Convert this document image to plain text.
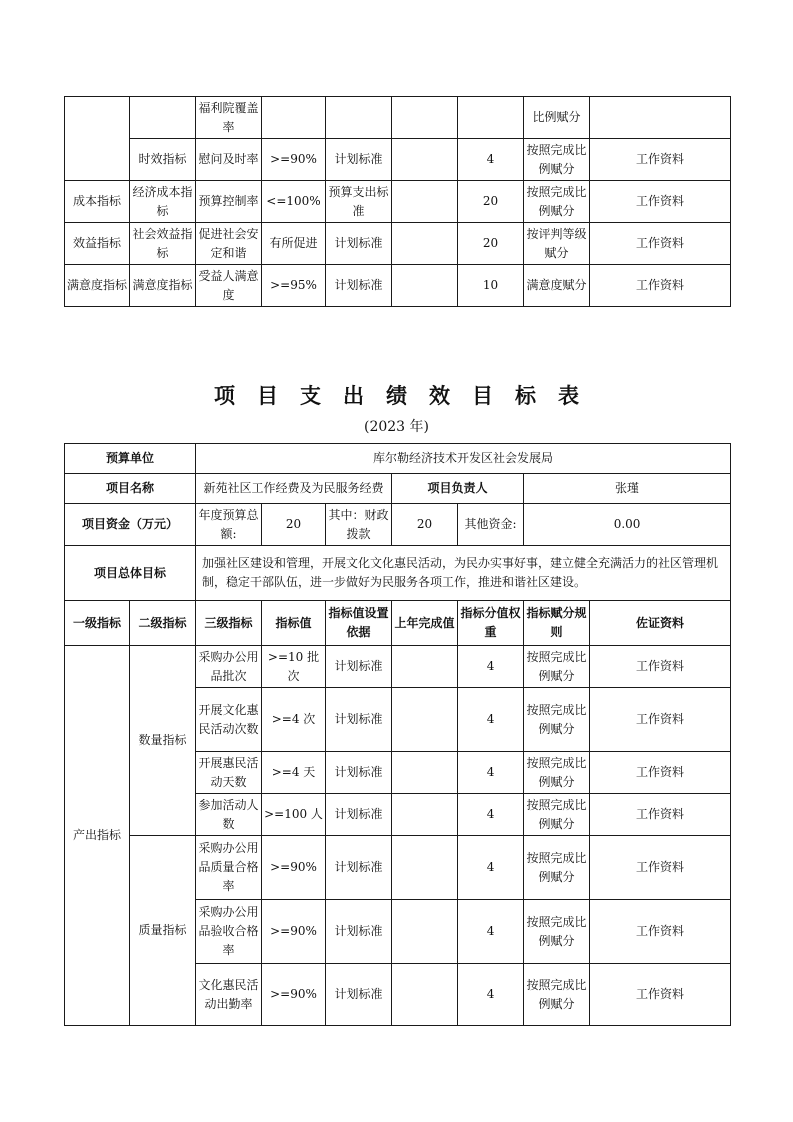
		福利院覆盖率					比例赋分	
	时效指标	慰问及时率	>=90%	计划标准		4	按照完成比例赋分	工作资料
成本指标	经济成本指标	预算控制率	<=100%	预算支出标准		20	按照完成比例赋分	工作资料
效益指标	社会效益指标	促进社会安定和谐	有所促进	计划标准		20	按评判等级赋分	工作资料
满意度指标	满意度指标	受益人满意度	>=95%	计划标准		10	满意度赋分	工作资料
项目支出绩效目标表
(2023 年)
预算单位		库尔勒经济技术开发区社会发展局						
项目名称		新苑社区工作经费及为民服务经费			项目负责人		张瑾	
项目资金（万元）		年度预算总额:	20	其中：财政拨款	20	其他资金:	0.00	
项目总体目标		加强社区建设和管理，开展文化文化惠民活动，为民办实事好事，建立健全充满活力的社区管理机制，稳定干部队伍，进一步做好为民服务各项工作，推进和谐社区建设。						
一级指标	二级指标	三级指标	指标值	指标值设置依据	上年完成值	指标分值权重	指标赋分规则	佐证资料
产出指标	数量指标	采购办公用品批次	>=10 批次	计划标准		4	按照完成比例赋分	工作资料
		开展文化惠民活动次数	>=4 次	计划标准		4	按照完成比例赋分	工作资料
		开展惠民活动天数	>=4 天	计划标准		4	按照完成比例赋分	工作资料
		参加活动人数	>=100 人	计划标准		4	按照完成比例赋分	工作资料
	质量指标	采购办公用品质量合格率	>=90%	计划标准		4	按照完成比例赋分	工作资料
		采购办公用品验收合格率	>=90%	计划标准		4	按照完成比例赋分	工作资料
		文化惠民活动出勤率	>=90%	计划标准		4	按照完成比例赋分	工作资料
